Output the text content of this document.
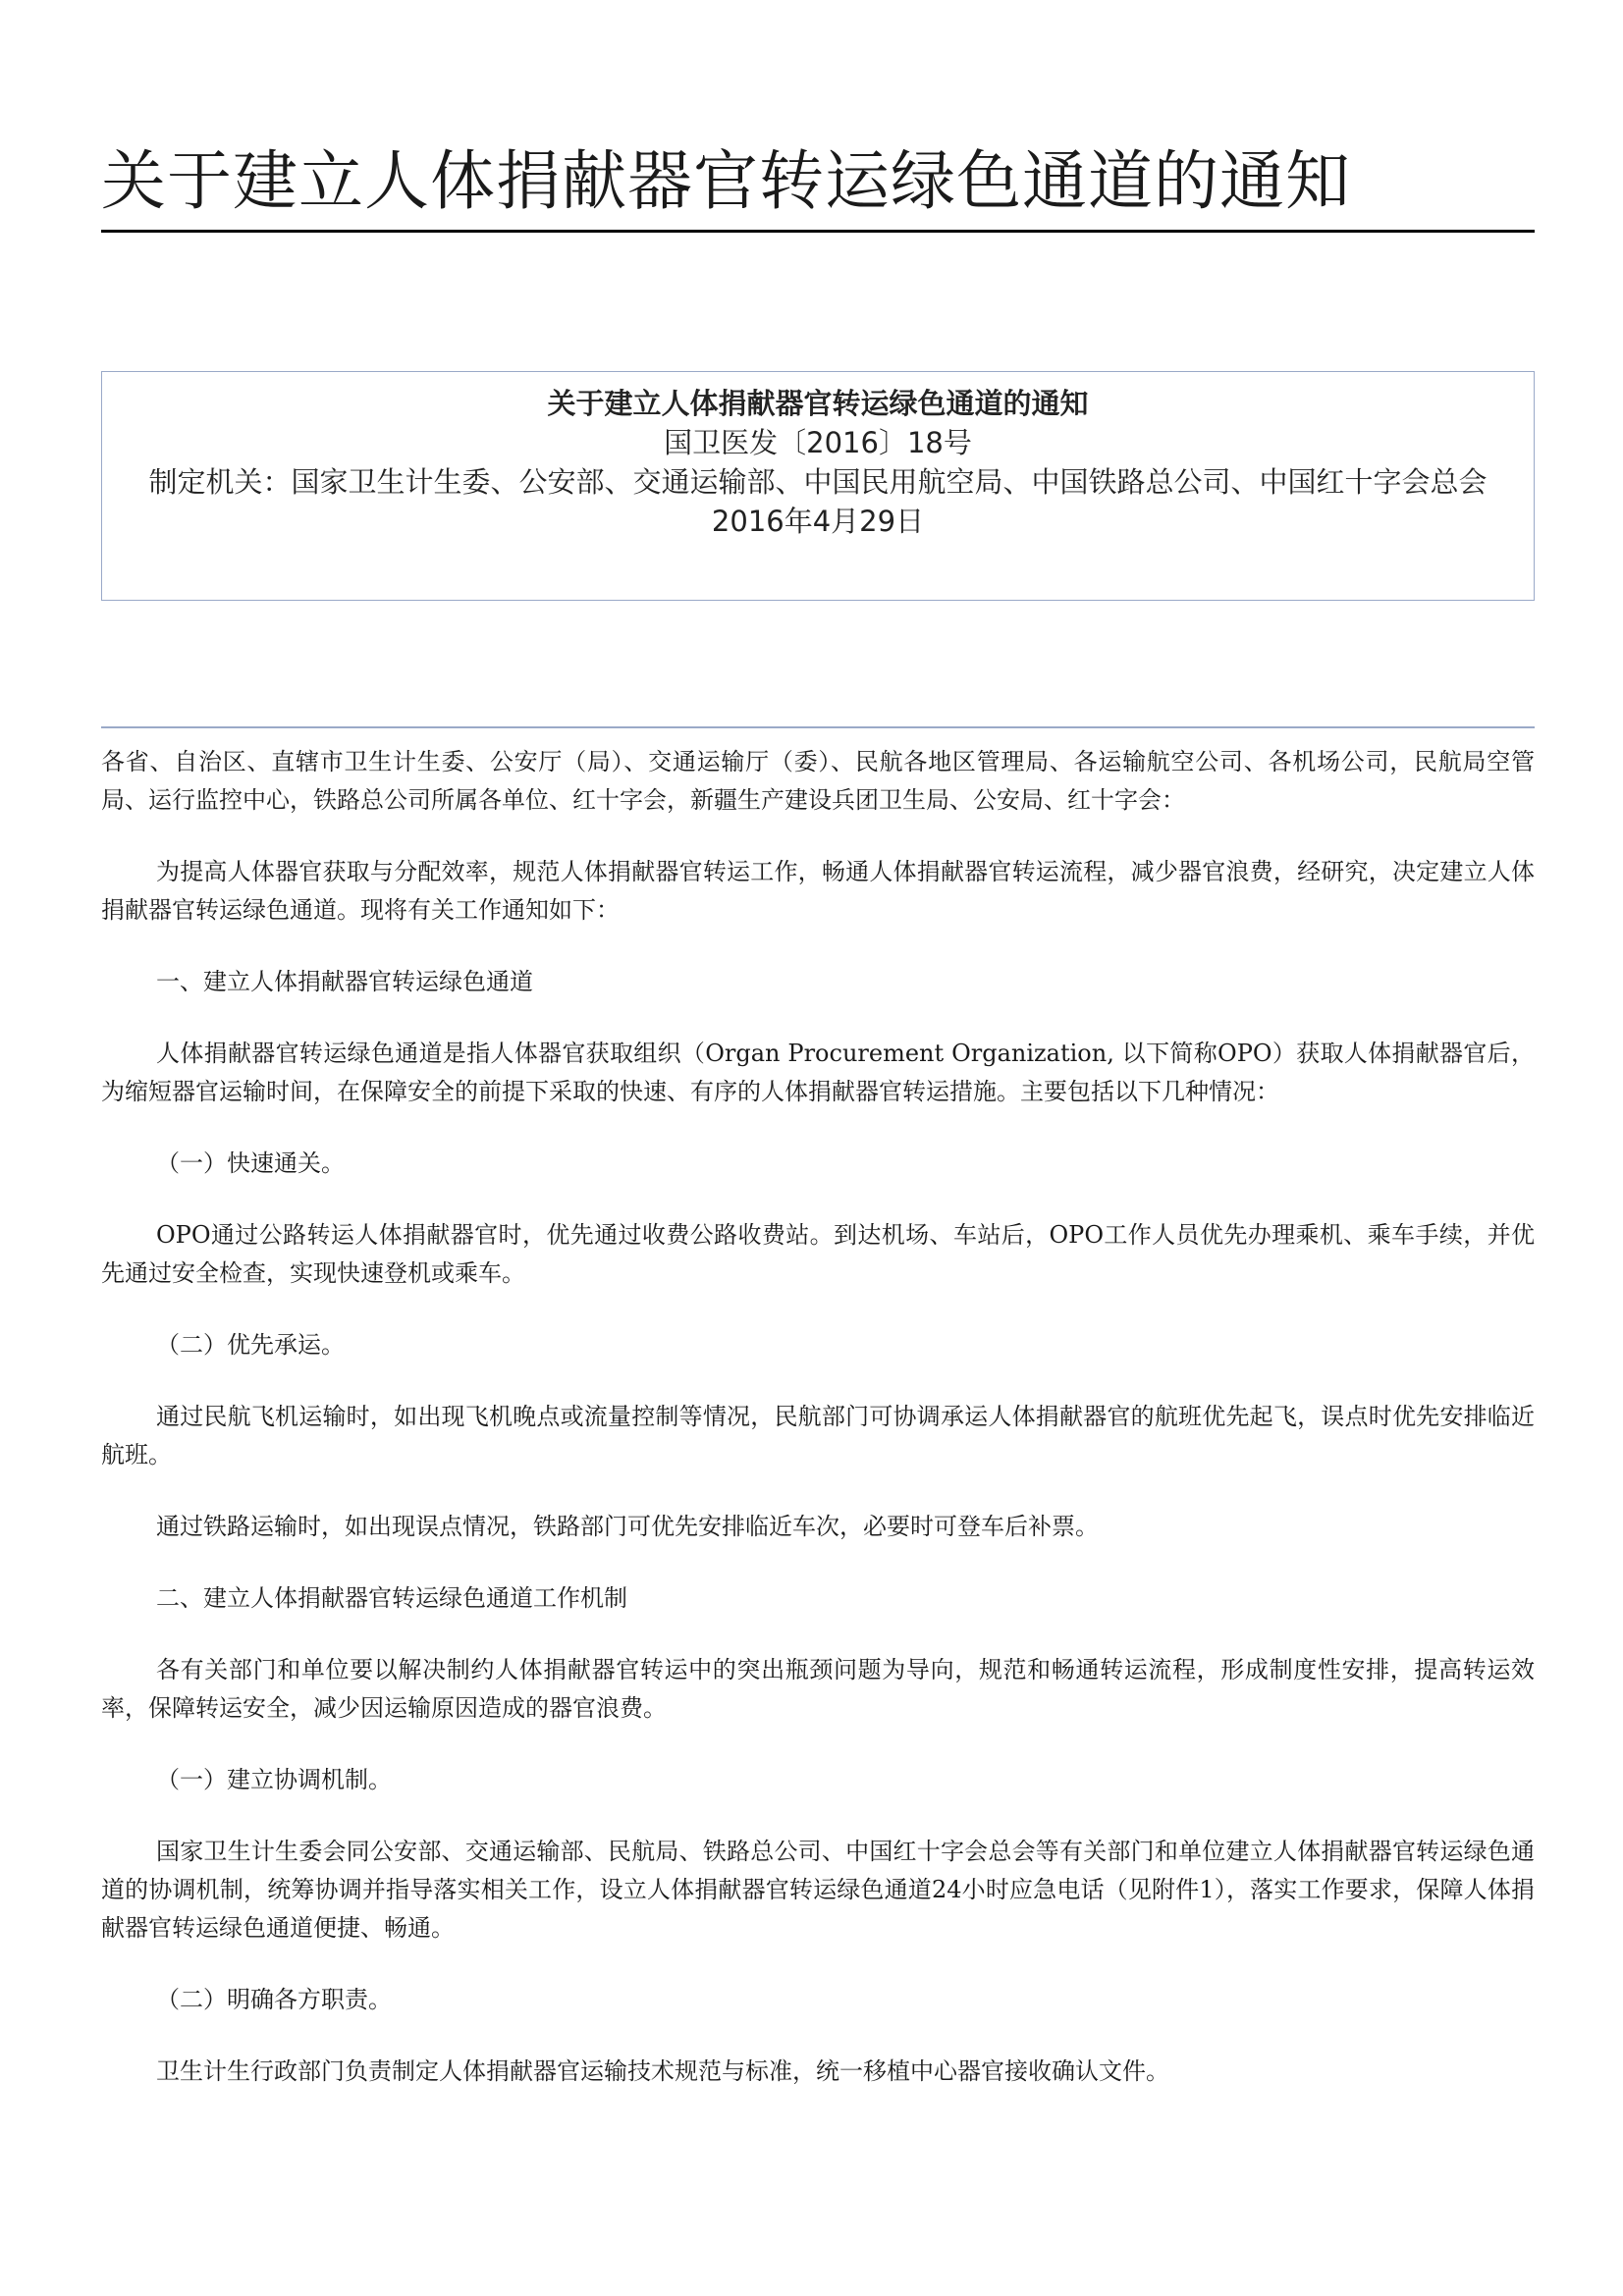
关于建立人体捐献器官转运绿色通道的通知
关于建立人体捐献器官转运绿色通道的通知
国卫医发〔2016〕18号
制定机关：国家卫生计生委、公安部、交通运输部、中国民用航空局、中国铁路总公司、中国红十字会总会
2016年4月29日

各省、自治区、直辖市卫生计生委、公安厅（局）、交通运输厅（委）、民航各地区管理局、各运输航空公司、各机场公司，民航局空管局、运行监控中心，铁路总公司所属各单位、红十字会，新疆生产建设兵团卫生局、公安局、红十字会：

为提高人体器官获取与分配效率，规范人体捐献器官转运工作，畅通人体捐献器官转运流程，减少器官浪费，经研究，决定建立人体捐献器官转运绿色通道。现将有关工作通知如下：

一、建立人体捐献器官转运绿色通道

人体捐献器官转运绿色通道是指人体器官获取组织（Organ Procurement Organization, 以下简称OPO）获取人体捐献器官后，为缩短器官运输时间，在保障安全的前提下采取的快速、有序的人体捐献器官转运措施。主要包括以下几种情况：

（一）快速通关。

OPO通过公路转运人体捐献器官时，优先通过收费公路收费站。到达机场、车站后，OPO工作人员优先办理乘机、乘车手续，并优先通过安全检查，实现快速登机或乘车。

（二）优先承运。

通过民航飞机运输时，如出现飞机晚点或流量控制等情况，民航部门可协调承运人体捐献器官的航班优先起飞，误点时优先安排临近航班。

通过铁路运输时，如出现误点情况，铁路部门可优先安排临近车次，必要时可登车后补票。

二、建立人体捐献器官转运绿色通道工作机制

各有关部门和单位要以解决制约人体捐献器官转运中的突出瓶颈问题为导向，规范和畅通转运流程，形成制度性安排，提高转运效率，保障转运安全，减少因运输原因造成的器官浪费。

（一）建立协调机制。

国家卫生计生委会同公安部、交通运输部、民航局、铁路总公司、中国红十字会总会等有关部门和单位建立人体捐献器官转运绿色通道的协调机制，统筹协调并指导落实相关工作，设立人体捐献器官转运绿色通道24小时应急电话（见附件1），落实工作要求，保障人体捐献器官转运绿色通道便捷、畅通。

（二）明确各方职责。

卫生计生行政部门负责制定人体捐献器官运输技术规范与标准，统一移植中心器官接收确认文件。
